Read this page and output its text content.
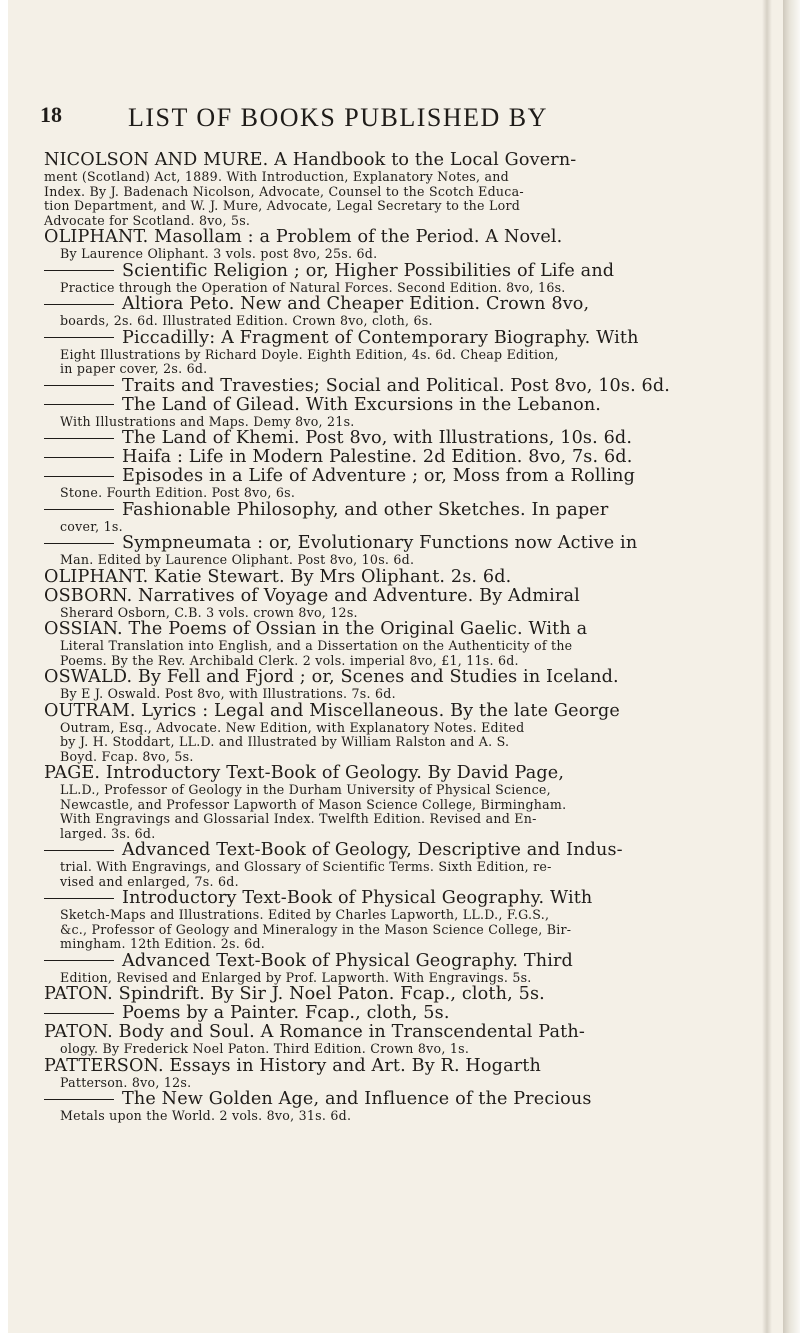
18	LIST OF BOOKS PUBLISHED BY
NICOLSON AND MURE. A Handbook to the Local Govern-
ment (Scotland) Act, 1889. With Introduction, Explanatory Notes, and
Index. By J. Badenach Nicolson, Advocate, Counsel to the Scotch Educa-
tion Department, and W. J. Mure, Advocate, Legal Secretary to the Lord
Advocate for Scotland. 8vo, 5s.
OLIPHANT. Masollam : a Problem of the Period. A Novel.
By Laurence Oliphant. 3 vols. post 8vo, 25s. 6d.
Scientific Religion ; or, Higher Possibilities of Life and
Practice through the Operation of Natural Forces. Second Edition. 8vo, 16s.
Altiora Peto. New and Cheaper Edition. Crown 8vo,
boards, 2s. 6d. Illustrated Edition. Crown 8vo, cloth, 6s.
Piccadilly: A Fragment of Contemporary Biography. With
Eight Illustrations by Richard Doyle. Eighth Edition, 4s. 6d. Cheap Edition,
in paper cover, 2s. 6d.
Traits and Travesties; Social and Political. Post 8vo, 10s. 6d.
The Land of Gilead. With Excursions in the Lebanon.
With Illustrations and Maps. Demy 8vo, 21s.
The Land of Khemi. Post 8vo, with Illustrations, 10s. 6d.
Haifa : Life in Modern Palestine. 2d Edition. 8vo, 7s. 6d.
Episodes in a Life of Adventure ; or, Moss from a Rolling
Stone. Fourth Edition. Post 8vo, 6s.
Fashionable Philosophy, and other Sketches. In paper
cover, 1s.
Sympneumata : or, Evolutionary Functions now Active in
Man. Edited by Laurence Oliphant. Post 8vo, 10s. 6d.
OLIPHANT. Katie Stewart. By Mrs Oliphant. 2s. 6d.
OSBORN. Narratives of Voyage and Adventure. By Admiral
Sherard Osborn, C.B. 3 vols. crown 8vo, 12s.
OSSIAN. The Poems of Ossian in the Original Gaelic. With a
Literal Translation into English, and a Dissertation on the Authenticity of the
Poems. By the Rev. Archibald Clerk. 2 vols. imperial 8vo, £1, 11s. 6d.
OSWALD. By Fell and Fjord ; or, Scenes and Studies in Iceland.
By E J. Oswald. Post 8vo, with Illustrations. 7s. 6d.
OUTRAM. Lyrics : Legal and Miscellaneous. By the late George
Outram, Esq., Advocate. New Edition, with Explanatory Notes. Edited
by J. H. Stoddart, LL.D. and Illustrated by William Ralston and A. S.
Boyd. Fcap. 8vo, 5s.
PAGE. Introductory Text-Book of Geology. By David Page,
LL.D., Professor of Geology in the Durham University of Physical Science,
Newcastle, and Professor Lapworth of Mason Science College, Birmingham.
With Engravings and Glossarial Index. Twelfth Edition. Revised and En-
larged. 3s. 6d.
Advanced Text-Book of Geology, Descriptive and Indus-
trial. With Engravings, and Glossary of Scientific Terms. Sixth Edition, re-
vised and enlarged, 7s. 6d.
Introductory Text-Book of Physical Geography. With
Sketch-Maps and Illustrations. Edited by Charles Lapworth, LL.D., F.G.S.,
&c., Professor of Geology and Mineralogy in the Mason Science College, Bir-
mingham. 12th Edition. 2s. 6d.
Advanced Text-Book of Physical Geography. Third
Edition, Revised and Enlarged by Prof. Lapworth. With Engravings. 5s.
PATON. Spindrift. By Sir J. Noel Paton. Fcap., cloth, 5s.
Poems by a Painter. Fcap., cloth, 5s.
PATON. Body and Soul. A Romance in Transcendental Path-
ology. By Frederick Noel Paton. Third Edition. Crown 8vo, 1s.
PATTERSON. Essays in History and Art. By R. Hogarth
Patterson. 8vo, 12s.
The New Golden Age, and Influence of the Precious
Metals upon the World. 2 vols. 8vo, 31s. 6d.
